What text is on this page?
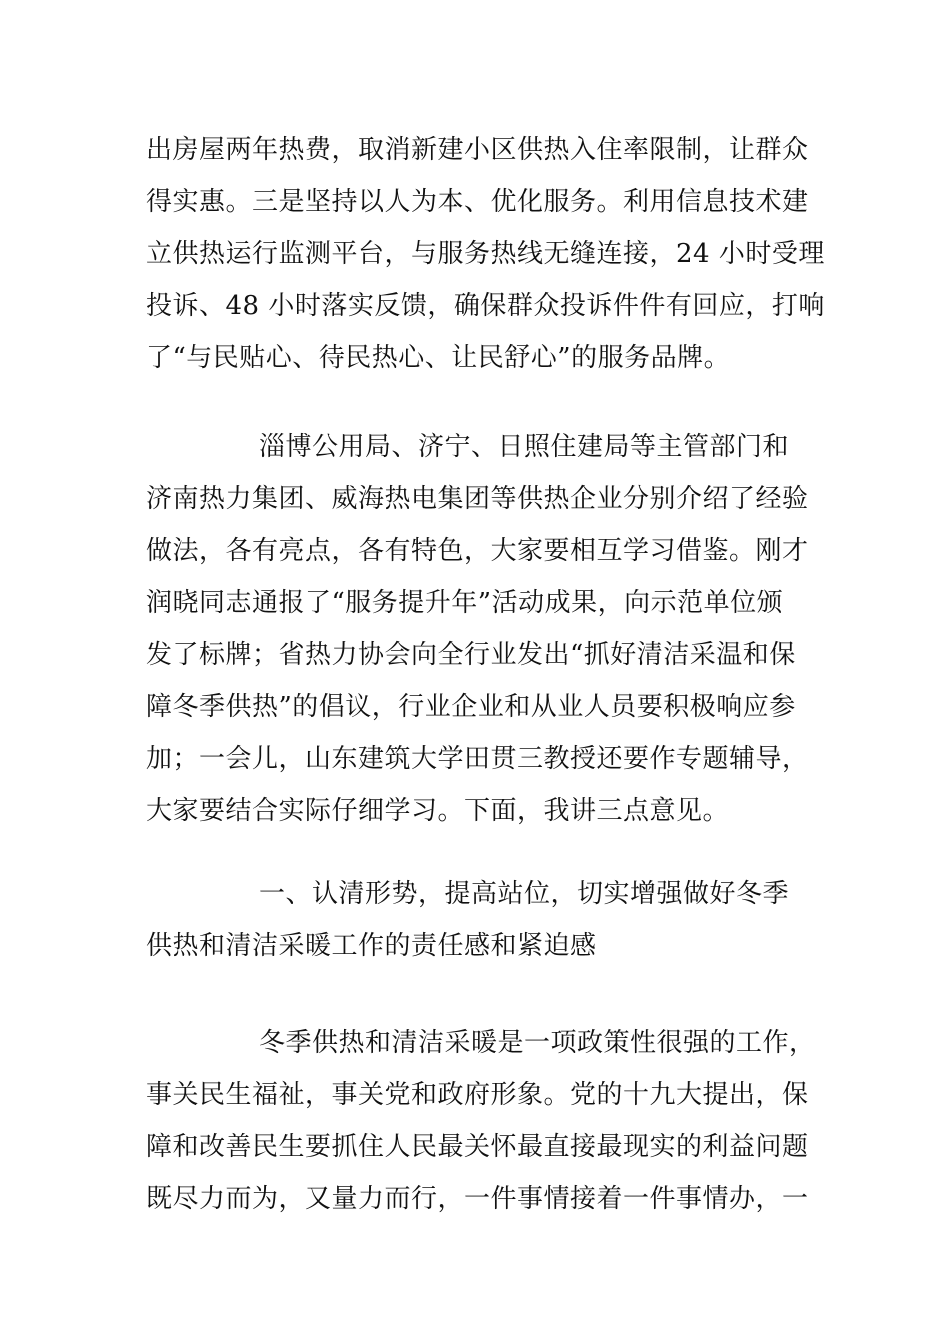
出房屋两年热费，取消新建小区供热入住率限制，让群众
得实惠。三是坚持以人为本、优化服务。利用信息技术建
立供热运行监测平台，与服务热线无缝连接，24 小时受理
投诉、48 小时落实反馈，确保群众投诉件件有回应，打响
了“与民贴心、待民热心、让民舒心”的服务品牌。
淄博公用局、济宁、日照住建局等主管部门和
济南热力集团、威海热电集团等供热企业分别介绍了经验
做法，各有亮点，各有特色，大家要相互学习借鉴。刚才
润晓同志通报了“服务提升年”活动成果，向示范单位颁
发了标牌；省热力协会向全行业发出“抓好清洁采温和保
障冬季供热”的倡议，行业企业和从业人员要积极响应参
加；一会儿，山东建筑大学田贯三教授还要作专题辅导，
大家要结合实际仔细学习。下面，我讲三点意见。
一、认清形势，提高站位，切实增强做好冬季
供热和清洁采暖工作的责任感和紧迫感
冬季供热和清洁采暖是一项政策性很强的工作，
事关民生福祉，事关党和政府形象。党的十九大提出，保
障和改善民生要抓住人民最关怀最直接最现实的利益问题
既尽力而为，又量力而行，一件事情接着一件事情办，一
